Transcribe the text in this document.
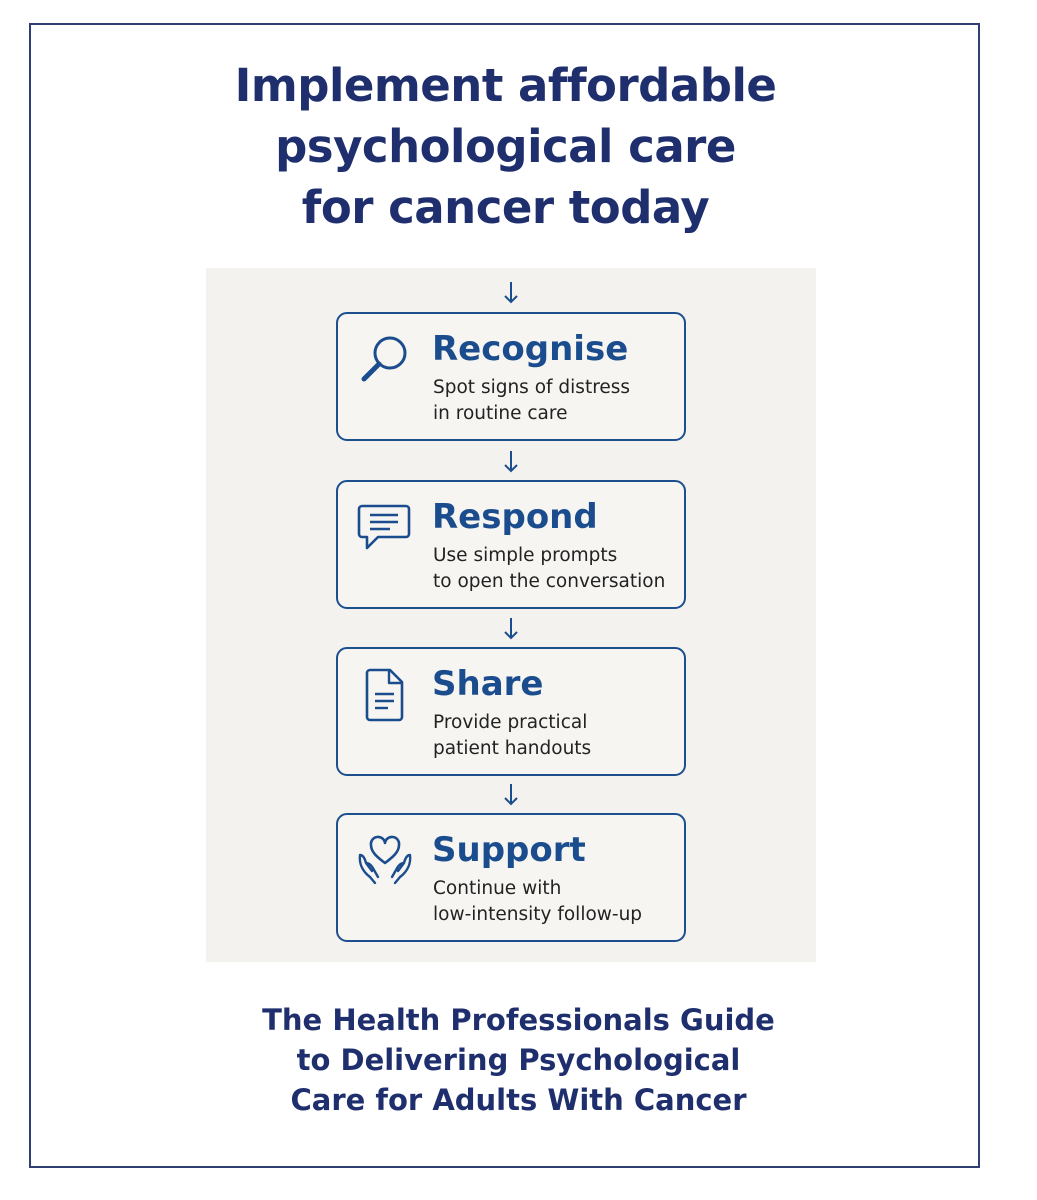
Implement affordable
psychological care
for cancer today
Recognise
Spot signs of distress
in routine care
Respond
Use simple prompts
to open the conversation
Share
Provide practical
patient handouts
Support
Continue with
low-intensity follow-up
The Health Professionals Guide
to Delivering Psychological
Care for Adults With Cancer
